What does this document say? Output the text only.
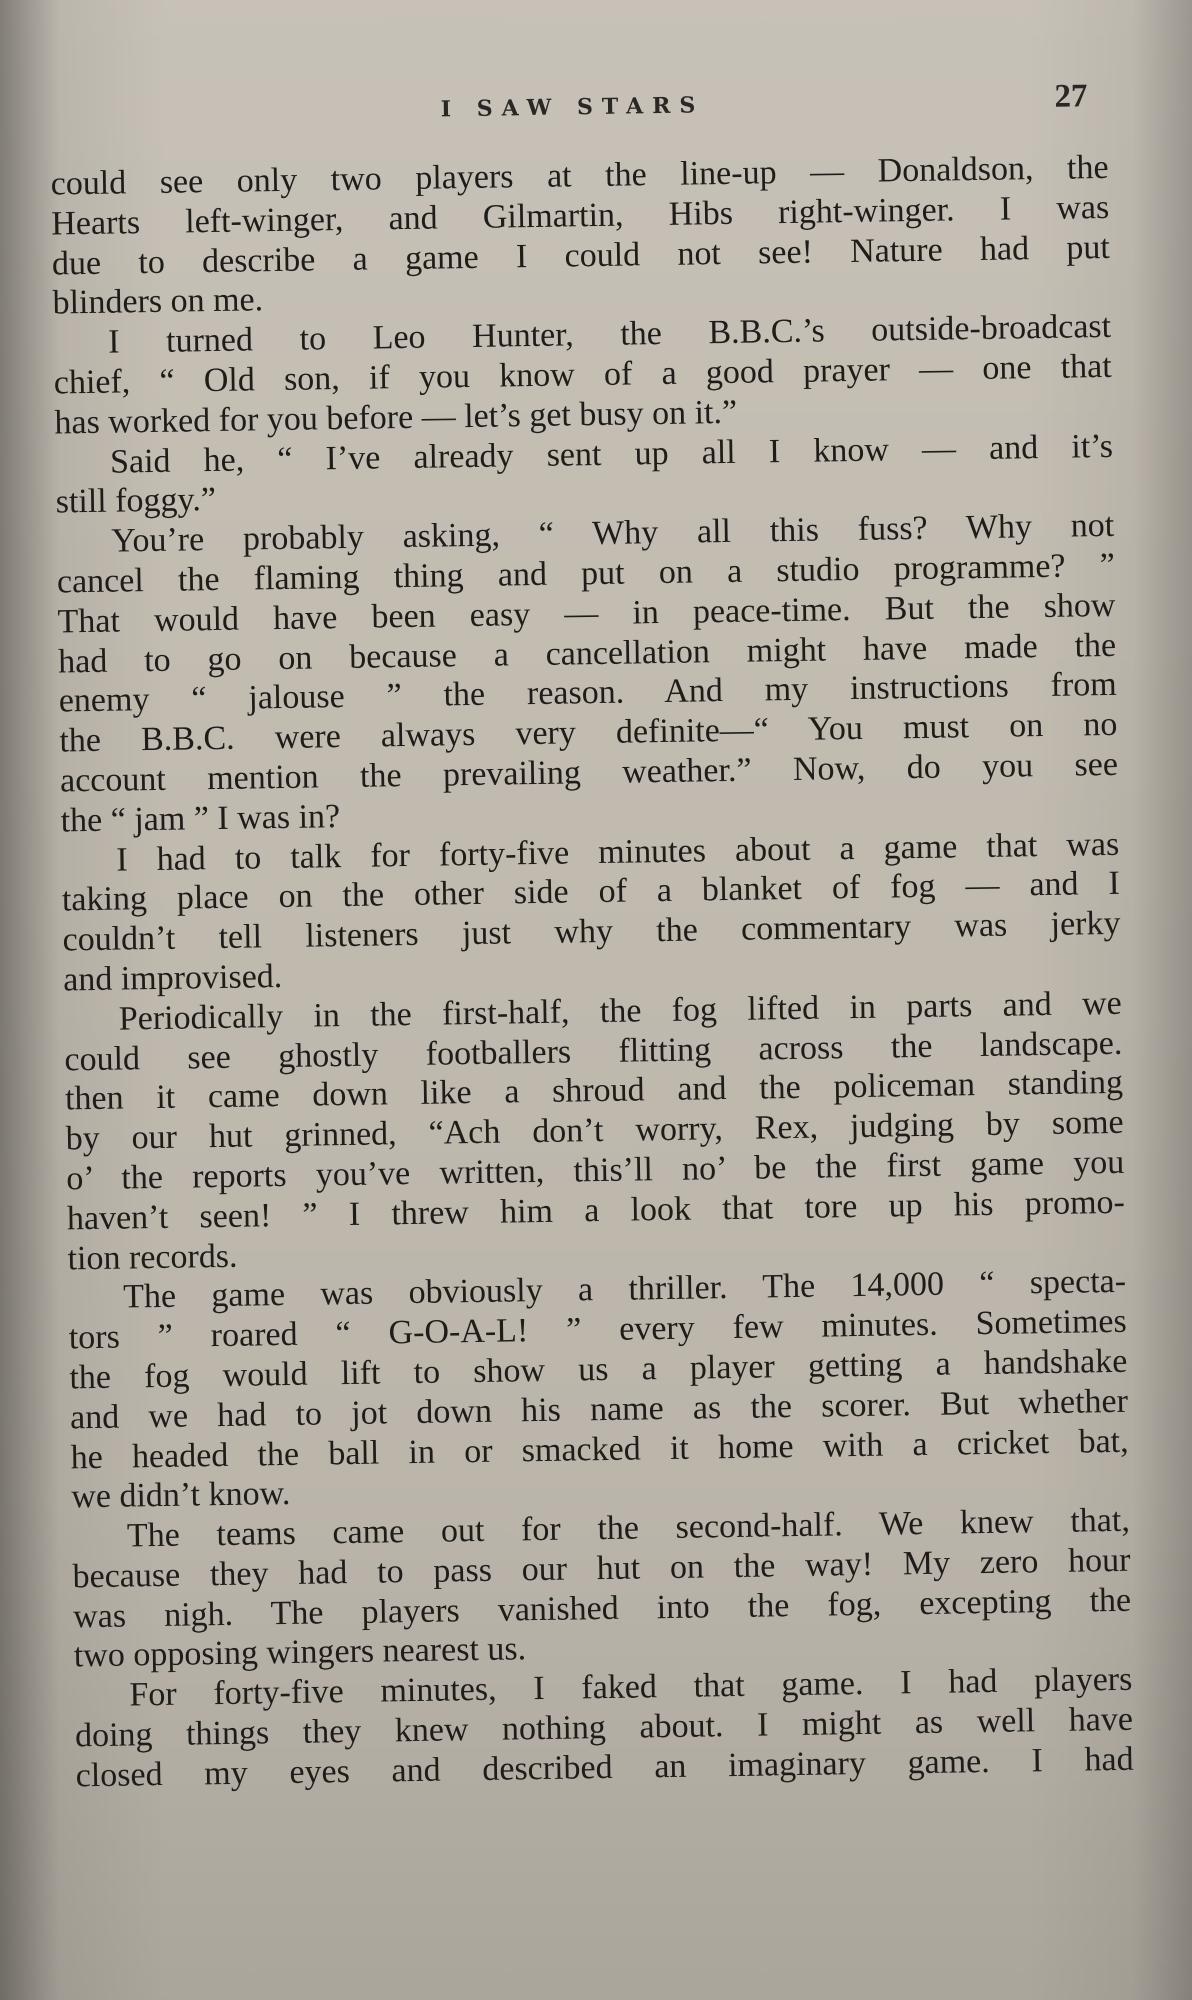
I SAW STARS	27
could see only two players at the line-up — Donaldson, the
Hearts left-winger, and Gilmartin, Hibs right-winger. I was
due to describe a game I could not see! Nature had put
blinders on me.
I turned to Leo Hunter, the B.B.C.’s outside-broadcast
chief, “ Old son, if you know of a good prayer — one that
has worked for you before — let’s get busy on it.”
Said he, “ I’ve already sent up all I know — and it’s
still foggy.”
You’re probably asking, “ Why all this fuss? Why not
cancel the flaming thing and put on a studio programme? ”
That would have been easy — in peace-time. But the show
had to go on because a cancellation might have made the
enemy “ jalouse ” the reason. And my instructions from
the B.B.C. were always very definite—“ You must on no
account mention the prevailing weather.” Now, do you see
the “ jam ” I was in?
I had to talk for forty-five minutes about a game that was
taking place on the other side of a blanket of fog — and I
couldn’t tell listeners just why the commentary was jerky
and improvised.
Periodically in the first-half, the fog lifted in parts and we
could see ghostly footballers flitting across the landscape.
then it came down like a shroud and the policeman standing
by our hut grinned, “Ach don’t worry, Rex, judging by some
o’ the reports you’ve written, this’ll no’ be the first game you
haven’t seen! ” I threw him a look that tore up his promo-
tion records.
The game was obviously a thriller. The 14,000 “ specta-
tors ” roared “ G-O-A-L! ” every few minutes. Sometimes
the fog would lift to show us a player getting a handshake
and we had to jot down his name as the scorer. But whether
he headed the ball in or smacked it home with a cricket bat,
we didn’t know.
The teams came out for the second-half. We knew that,
because they had to pass our hut on the way! My zero hour
was nigh. The players vanished into the fog, excepting the
two opposing wingers nearest us.
For forty-five minutes, I faked that game. I had players
doing things they knew nothing about. I might as well have
closed my eyes and described an imaginary game. I had
